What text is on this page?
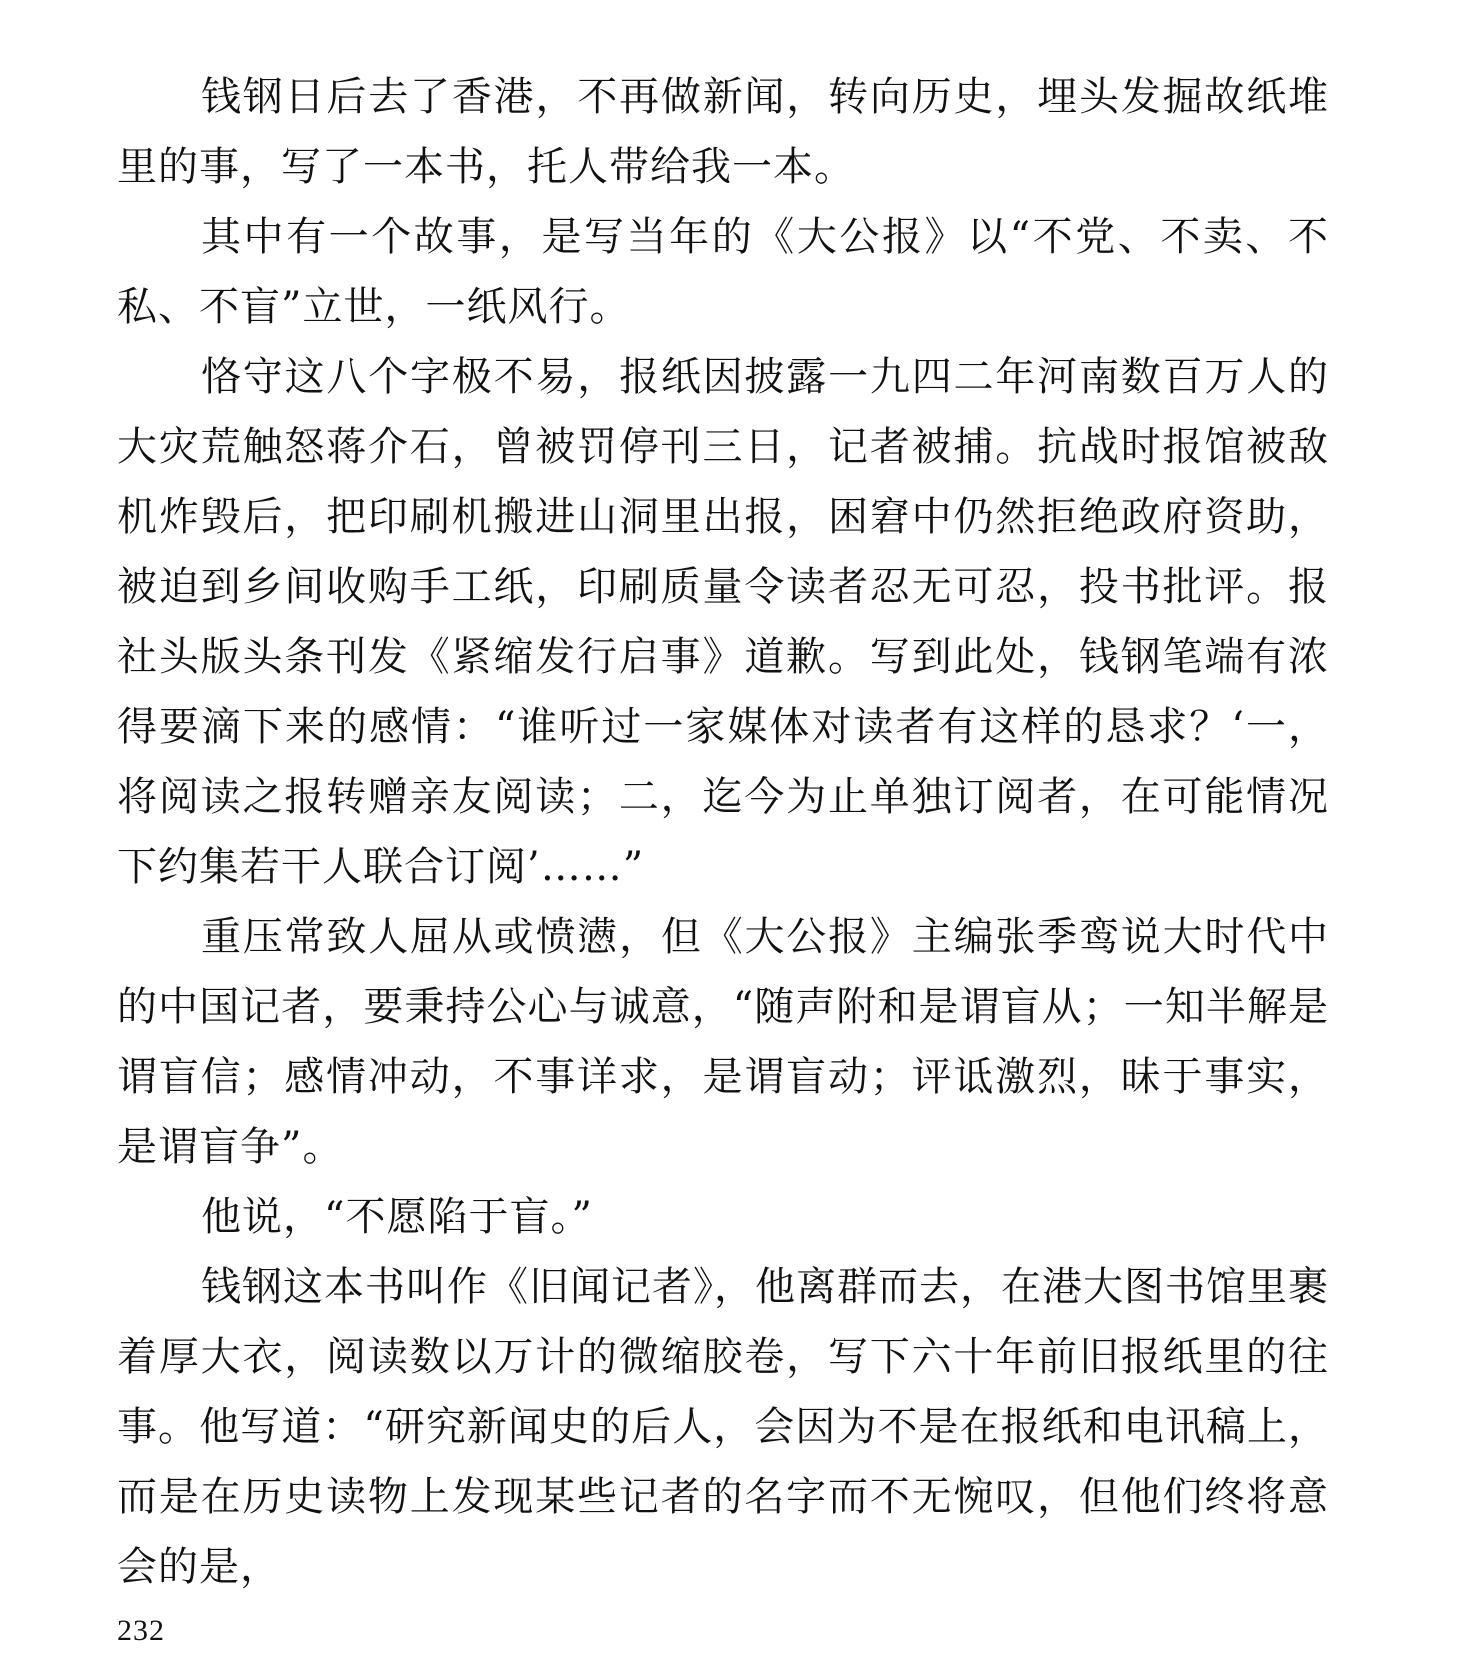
钱钢日后去了香港，不再做新闻，转向历史，埋头发掘故纸堆里的事，写了一本书，托人带给我一本。

其中有一个故事，是写当年的《大公报》以“不党、不卖、不私、不盲”立世，一纸风行。

恪守这八个字极不易，报纸因披露一九四二年河南数百万人的大灾荒触怒蒋介石，曾被罚停刊三日，记者被捕。抗战时报馆被敌机炸毁后，把印刷机搬进山洞里出报，困窘中仍然拒绝政府资助，被迫到乡间收购手工纸，印刷质量令读者忍无可忍，投书批评。报社头版头条刊发《紧缩发行启事》道歉。写到此处，钱钢笔端有浓得要滴下来的感情：“谁听过一家媒体对读者有这样的恳求？‘一，将阅读之报转赠亲友阅读；二，迄今为止单独订阅者，在可能情况下约集若干人联合订阅’……”

重压常致人屈从或愤懑，但《大公报》主编张季鸾说大时代中的中国记者，要秉持公心与诚意，“随声附和是谓盲从；一知半解是谓盲信；感情冲动，不事详求，是谓盲动；评诋激烈，昧于事实，是谓盲争”。

他说，“不愿陷于盲。”

钱钢这本书叫作《旧闻记者》，他离群而去，在港大图书馆里裹着厚大衣，阅读数以万计的微缩胶卷，写下六十年前旧报纸里的往事。他写道：“研究新闻史的后人，会因为不是在报纸和电讯稿上，而是在历史读物上发现某些记者的名字而不无惋叹，但他们终将意会的是，

232
